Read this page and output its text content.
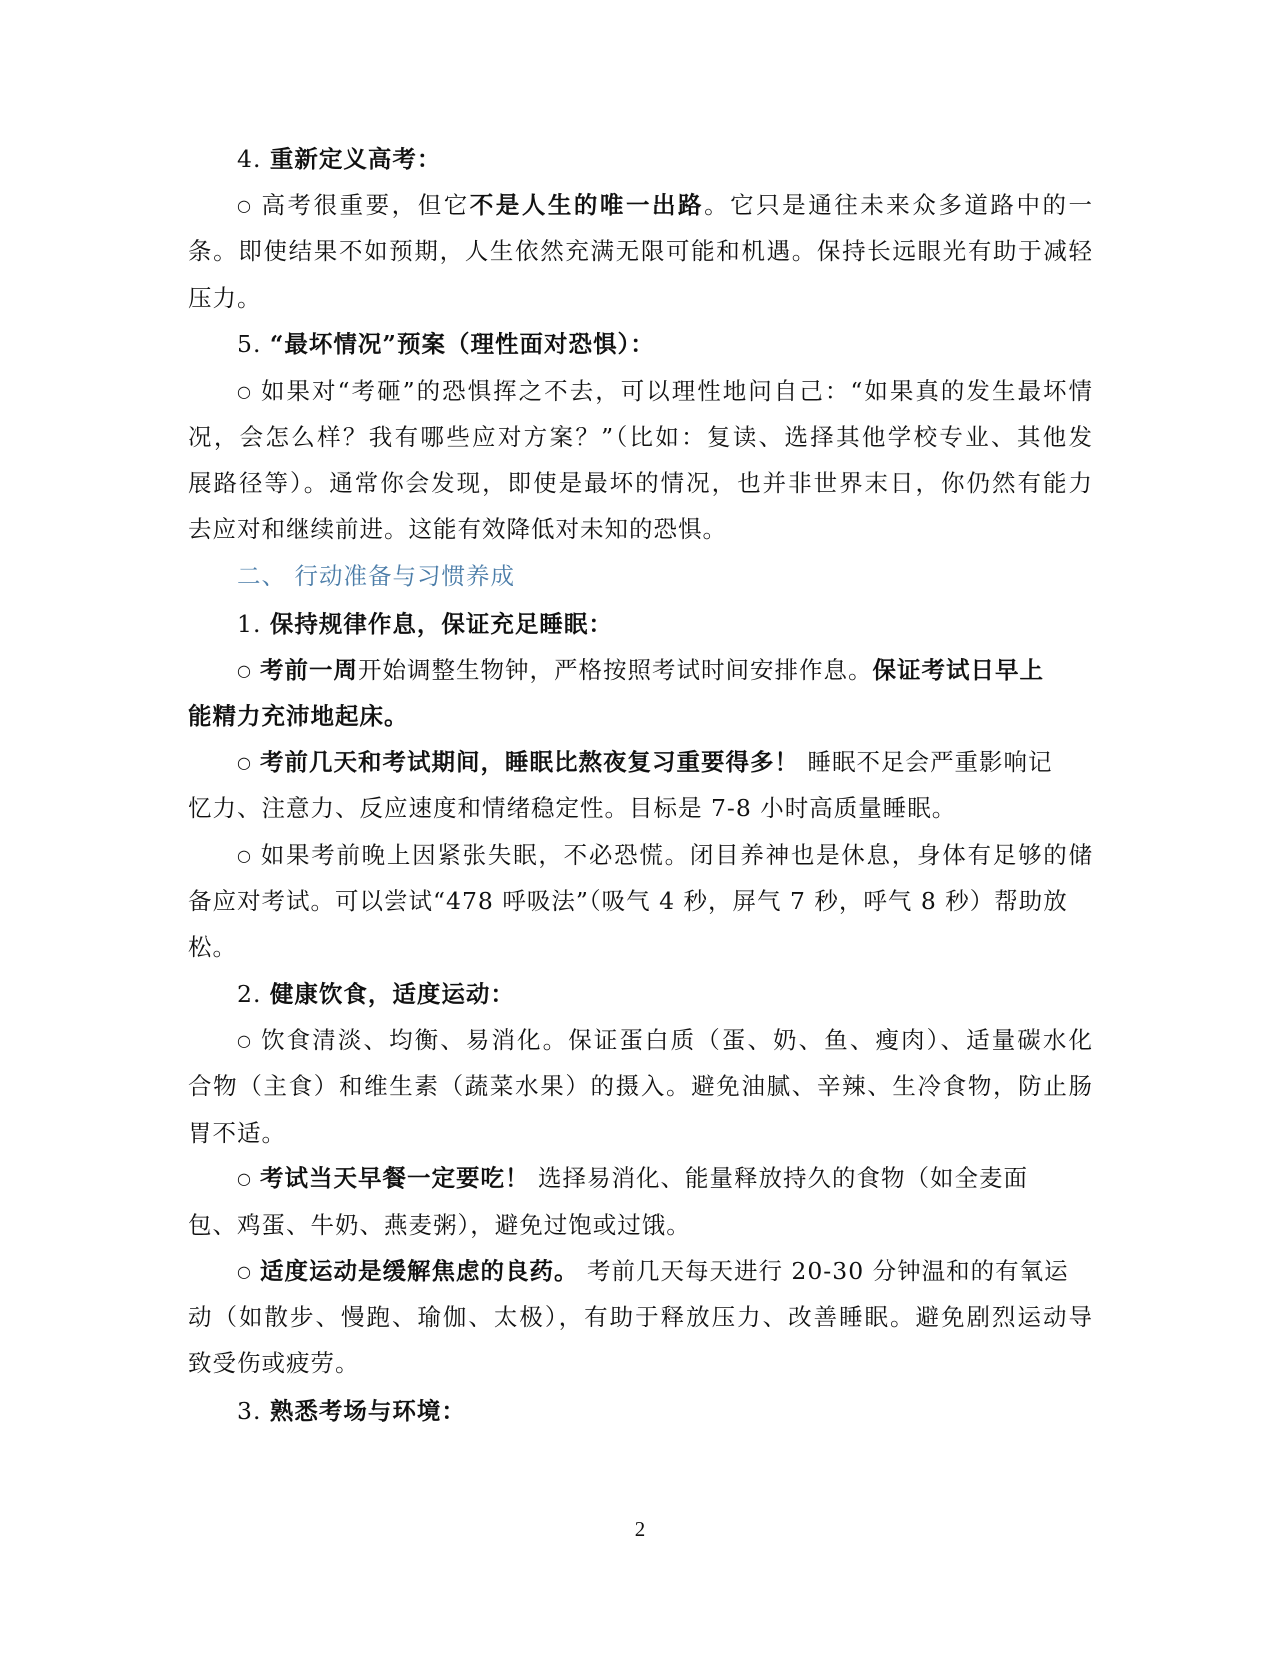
4. 重新定义高考：
○高考很重要，但它不是人生的唯一出路。它只是通往未来众多道路中的一
条。即使结果不如预期，人生依然充满无限可能和机遇。保持长远眼光有助于减轻
压力。
5. “最坏情况”预案（理性面对恐惧）：
○如果对“考砸”的恐惧挥之不去，可以理性地问自己：“如果真的发生最坏情
况，会怎么样？我有哪些应对方案？”（比如：复读、选择其他学校专业、其他发
展路径等）。通常你会发现，即使是最坏的情况，也并非世界末日，你仍然有能力
去应对和继续前进。这能有效降低对未知的恐惧。
二、 行动准备与习惯养成
1. 保持规律作息，保证充足睡眠：
○考前一周开始调整生物钟，严格按照考试时间安排作息。保证考试日早上
能精力充沛地起床。
○考前几天和考试期间，睡眠比熬夜复习重要得多！ 睡眠不足会严重影响记
忆力、注意力、反应速度和情绪稳定性。目标是 7-8 小时高质量睡眠。
○如果考前晚上因紧张失眠，不必恐慌。闭目养神也是休息，身体有足够的储
备应对考试。可以尝试“478 呼吸法”（吸气 4 秒，屏气 7 秒，呼气 8 秒）帮助放
松。
2. 健康饮食，适度运动：
○饮食清淡、均衡、易消化。保证蛋白质（蛋、奶、鱼、瘦肉）、适量碳水化
合物（主食）和维生素（蔬菜水果）的摄入。避免油腻、辛辣、生冷食物，防止肠
胃不适。
○考试当天早餐一定要吃！ 选择易消化、能量释放持久的食物（如全麦面
包、鸡蛋、牛奶、燕麦粥），避免过饱或过饿。
○适度运动是缓解焦虑的良药。 考前几天每天进行 20-30 分钟温和的有氧运
动（如散步、慢跑、瑜伽、太极），有助于释放压力、改善睡眠。避免剧烈运动导
致受伤或疲劳。
3. 熟悉考场与环境：
2
